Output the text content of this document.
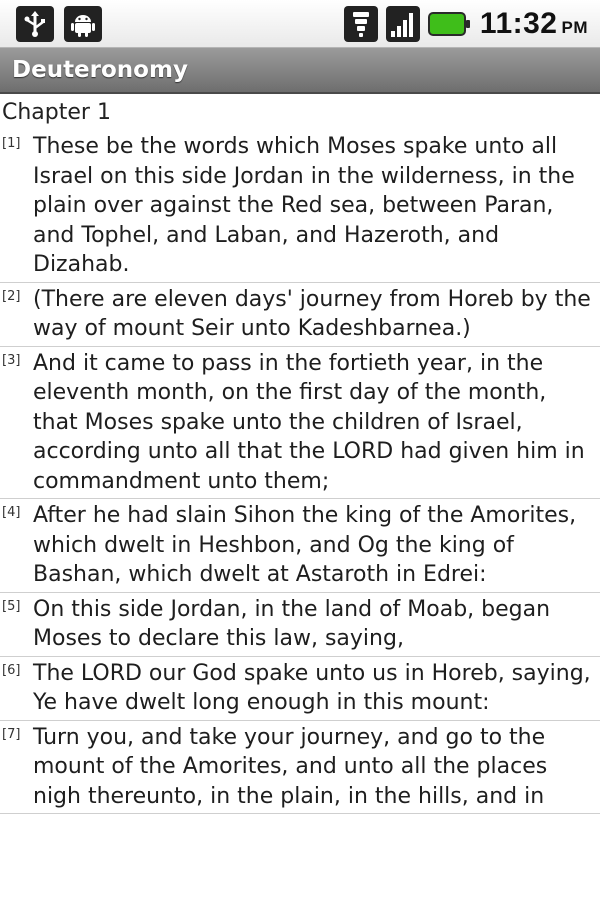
11:32 PM
Deuteronomy
Chapter 1
[1] These be the words which Moses spake unto all Israel on this side Jordan in the wilderness, in the plain over against the Red sea, between Paran, and Tophel, and Laban, and Hazeroth, and Dizahab.
[2] (There are eleven days' journey from Horeb by the way of mount Seir unto Kadeshbarnea.)
[3] And it came to pass in the fortieth year, in the eleventh month, on the first day of the month, that Moses spake unto the children of Israel, according unto all that the LORD had given him in commandment unto them;
[4] After he had slain Sihon the king of the Amorites, which dwelt in Heshbon, and Og the king of Bashan, which dwelt at Astaroth in Edrei:
[5] On this side Jordan, in the land of Moab, began Moses to declare this law, saying,
[6] The LORD our God spake unto us in Horeb, saying, Ye have dwelt long enough in this mount:
[7] Turn you, and take your journey, and go to the mount of the Amorites, and unto all the places nigh thereunto, in the plain, in the hills, and in
